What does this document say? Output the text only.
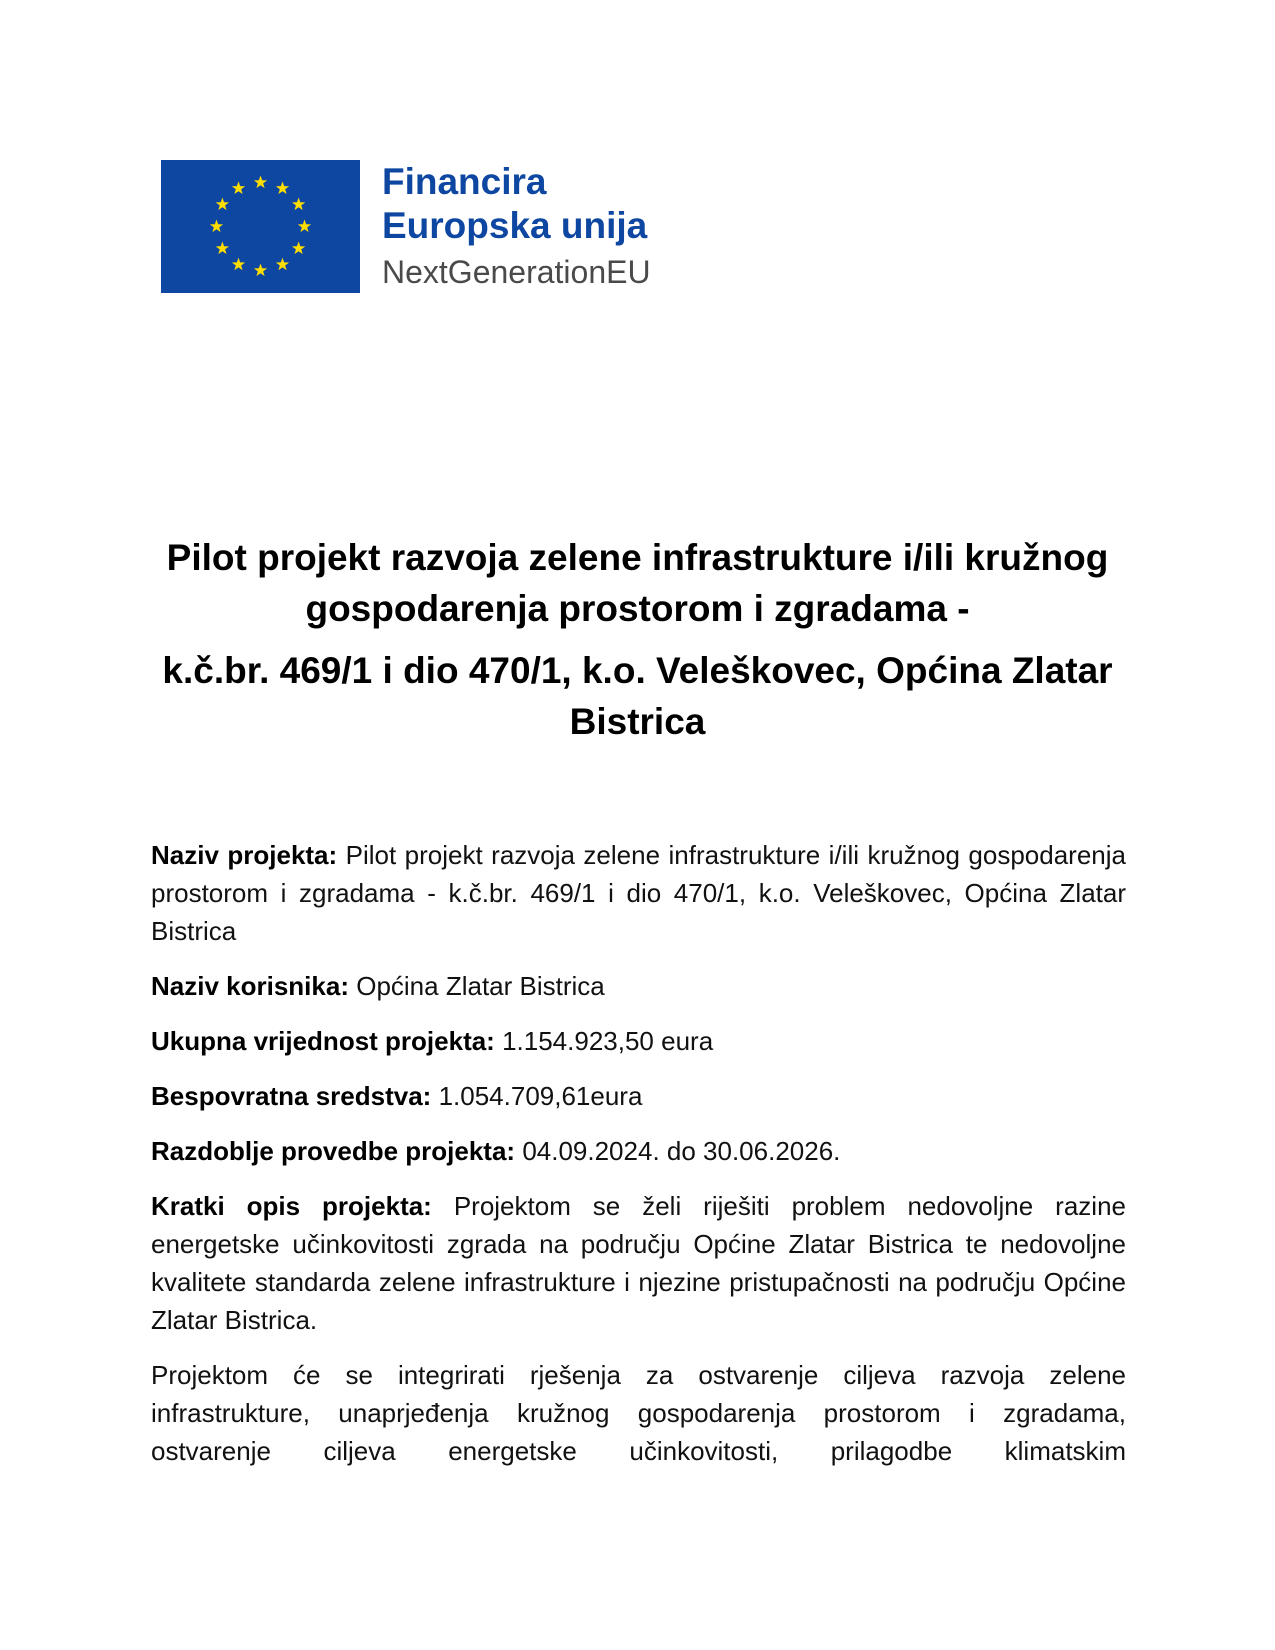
Financira
Europska unija
NextGenerationEU
Pilot projekt razvoja zelene infrastrukture i/ili kružnog gospodarenja prostorom i zgradama -
k.č.br. 469/1 i dio 470/1, k.o. Veleškovec, Općina Zlatar Bistrica

Naziv projekta: Pilot projekt razvoja zelene infrastrukture i/ili kružnog gospodarenja prostorom i zgradama - k.č.br. 469/1 i dio 470/1, k.o. Veleškovec, Općina Zlatar Bistrica

Naziv korisnika: Općina Zlatar Bistrica

Ukupna vrijednost projekta: 1.154.923,50 eura

Bespovratna sredstva: 1.054.709,61eura

Razdoblje provedbe projekta: 04.09.2024. do 30.06.2026.

Kratki opis projekta: Projektom se želi riješiti problem nedovoljne razine energetske učinkovitosti zgrada na području Općine Zlatar Bistrica te nedovoljne kvalitete standarda zelene infrastrukture i njezine pristupačnosti na području Općine Zlatar Bistrica.

Projektom će se integrirati rješenja za ostvarenje ciljeva razvoja zelene infrastrukture, unaprjeđenja kružnog gospodarenja prostorom i zgradama, ostvarenje ciljeva energetske učinkovitosti, prilagodbe klimatskim
